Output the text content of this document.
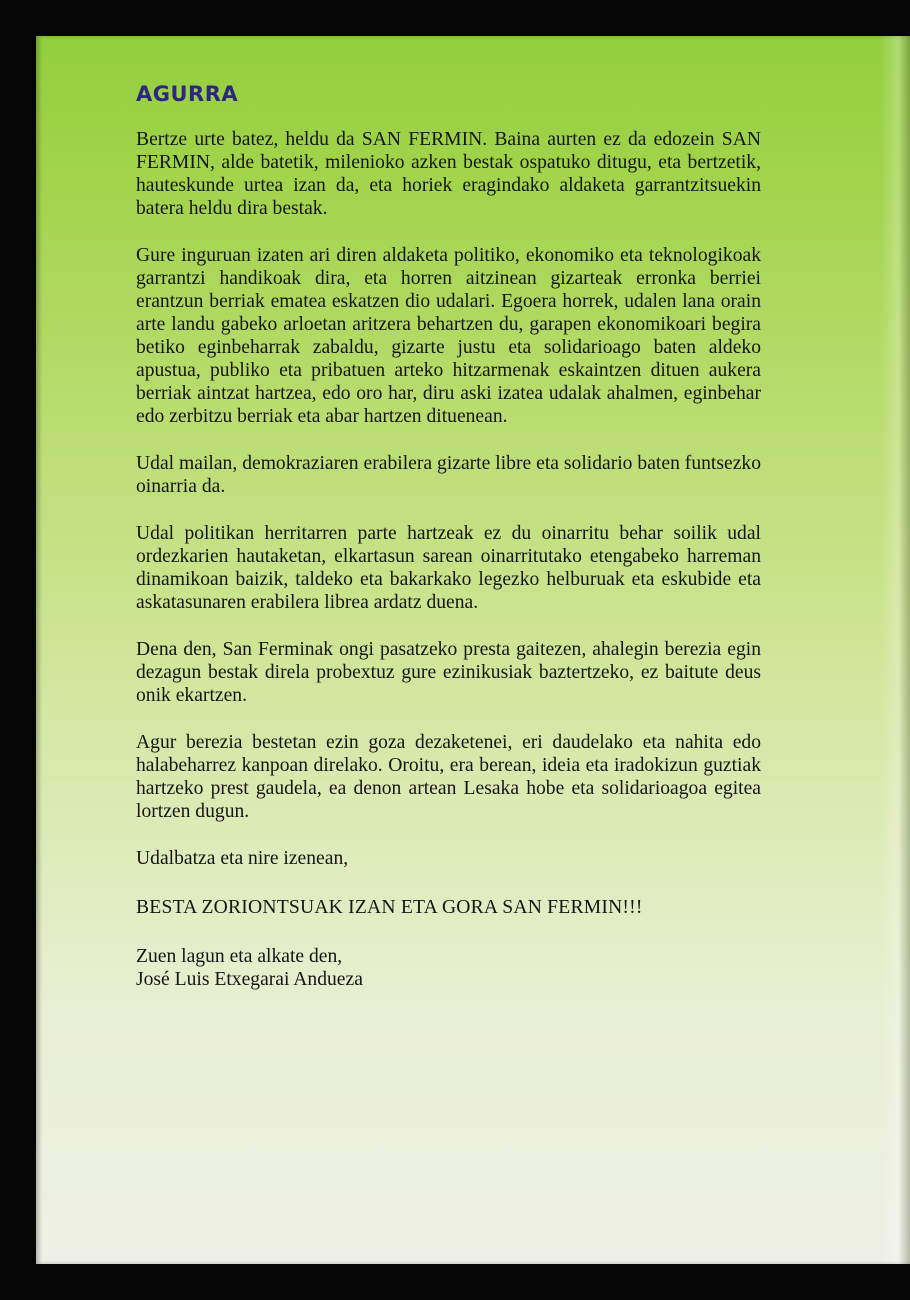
AGURRA

Bertze urte batez, heldu da SAN FERMIN. Baina aurten ez da edozein SAN FERMIN, alde batetik, milenioko azken bestak ospatuko ditugu, eta bertzetik, hauteskunde urtea izan da, eta horiek eragindako aldaketa garrantzitsuekin batera heldu dira bestak.

Gure inguruan izaten ari diren aldaketa politiko, ekonomiko eta teknologikoak garrantzi handikoak dira, eta horren aitzinean gizarteak erronka berriei erantzun berriak ematea eskatzen dio udalari. Egoera horrek, udalen lana orain arte landu gabeko arloetan aritzera behartzen du, garapen ekonomikoari begira betiko eginbeharrak zabaldu, gizarte justu eta solidarioago baten aldeko apustua, publiko eta pribatuen arteko hitzarmenak eskaintzen dituen aukera berriak aintzat hartzea, edo oro har, diru aski izatea udalak ahalmen, eginbehar edo zerbitzu berriak eta abar hartzen dituenean.

Udal mailan, demokraziaren erabilera gizarte libre eta solidario baten funtsezko oinarria da.

Udal politikan herritarren parte hartzeak ez du oinarritu behar soilik udal ordezkarien hautaketan, elkartasun sarean oinarritutako etengabeko harreman dinamikoan baizik, taldeko eta bakarkako legezko helburuak eta eskubide eta askatasunaren erabilera librea ardatz duena.

Dena den, San Ferminak ongi pasatzeko presta gaitezen, ahalegin berezia egin dezagun bestak direla probextuz gure ezinikusiak baztertzeko, ez baitute deus onik ekartzen.

Agur berezia bestetan ezin goza dezaketenei, eri daudelako eta nahita edo halabeharrez kanpoan direlako. Oroitu, era berean, ideia eta iradokizun guztiak hartzeko prest gaudela, ea denon artean Lesaka hobe eta solidarioagoa egitea lortzen dugun.

Udalbatza eta nire izenean,

BESTA ZORIONTSUAK IZAN ETA GORA SAN FERMIN!!!

Zuen lagun eta alkate den,
José Luis Etxegarai Andueza
